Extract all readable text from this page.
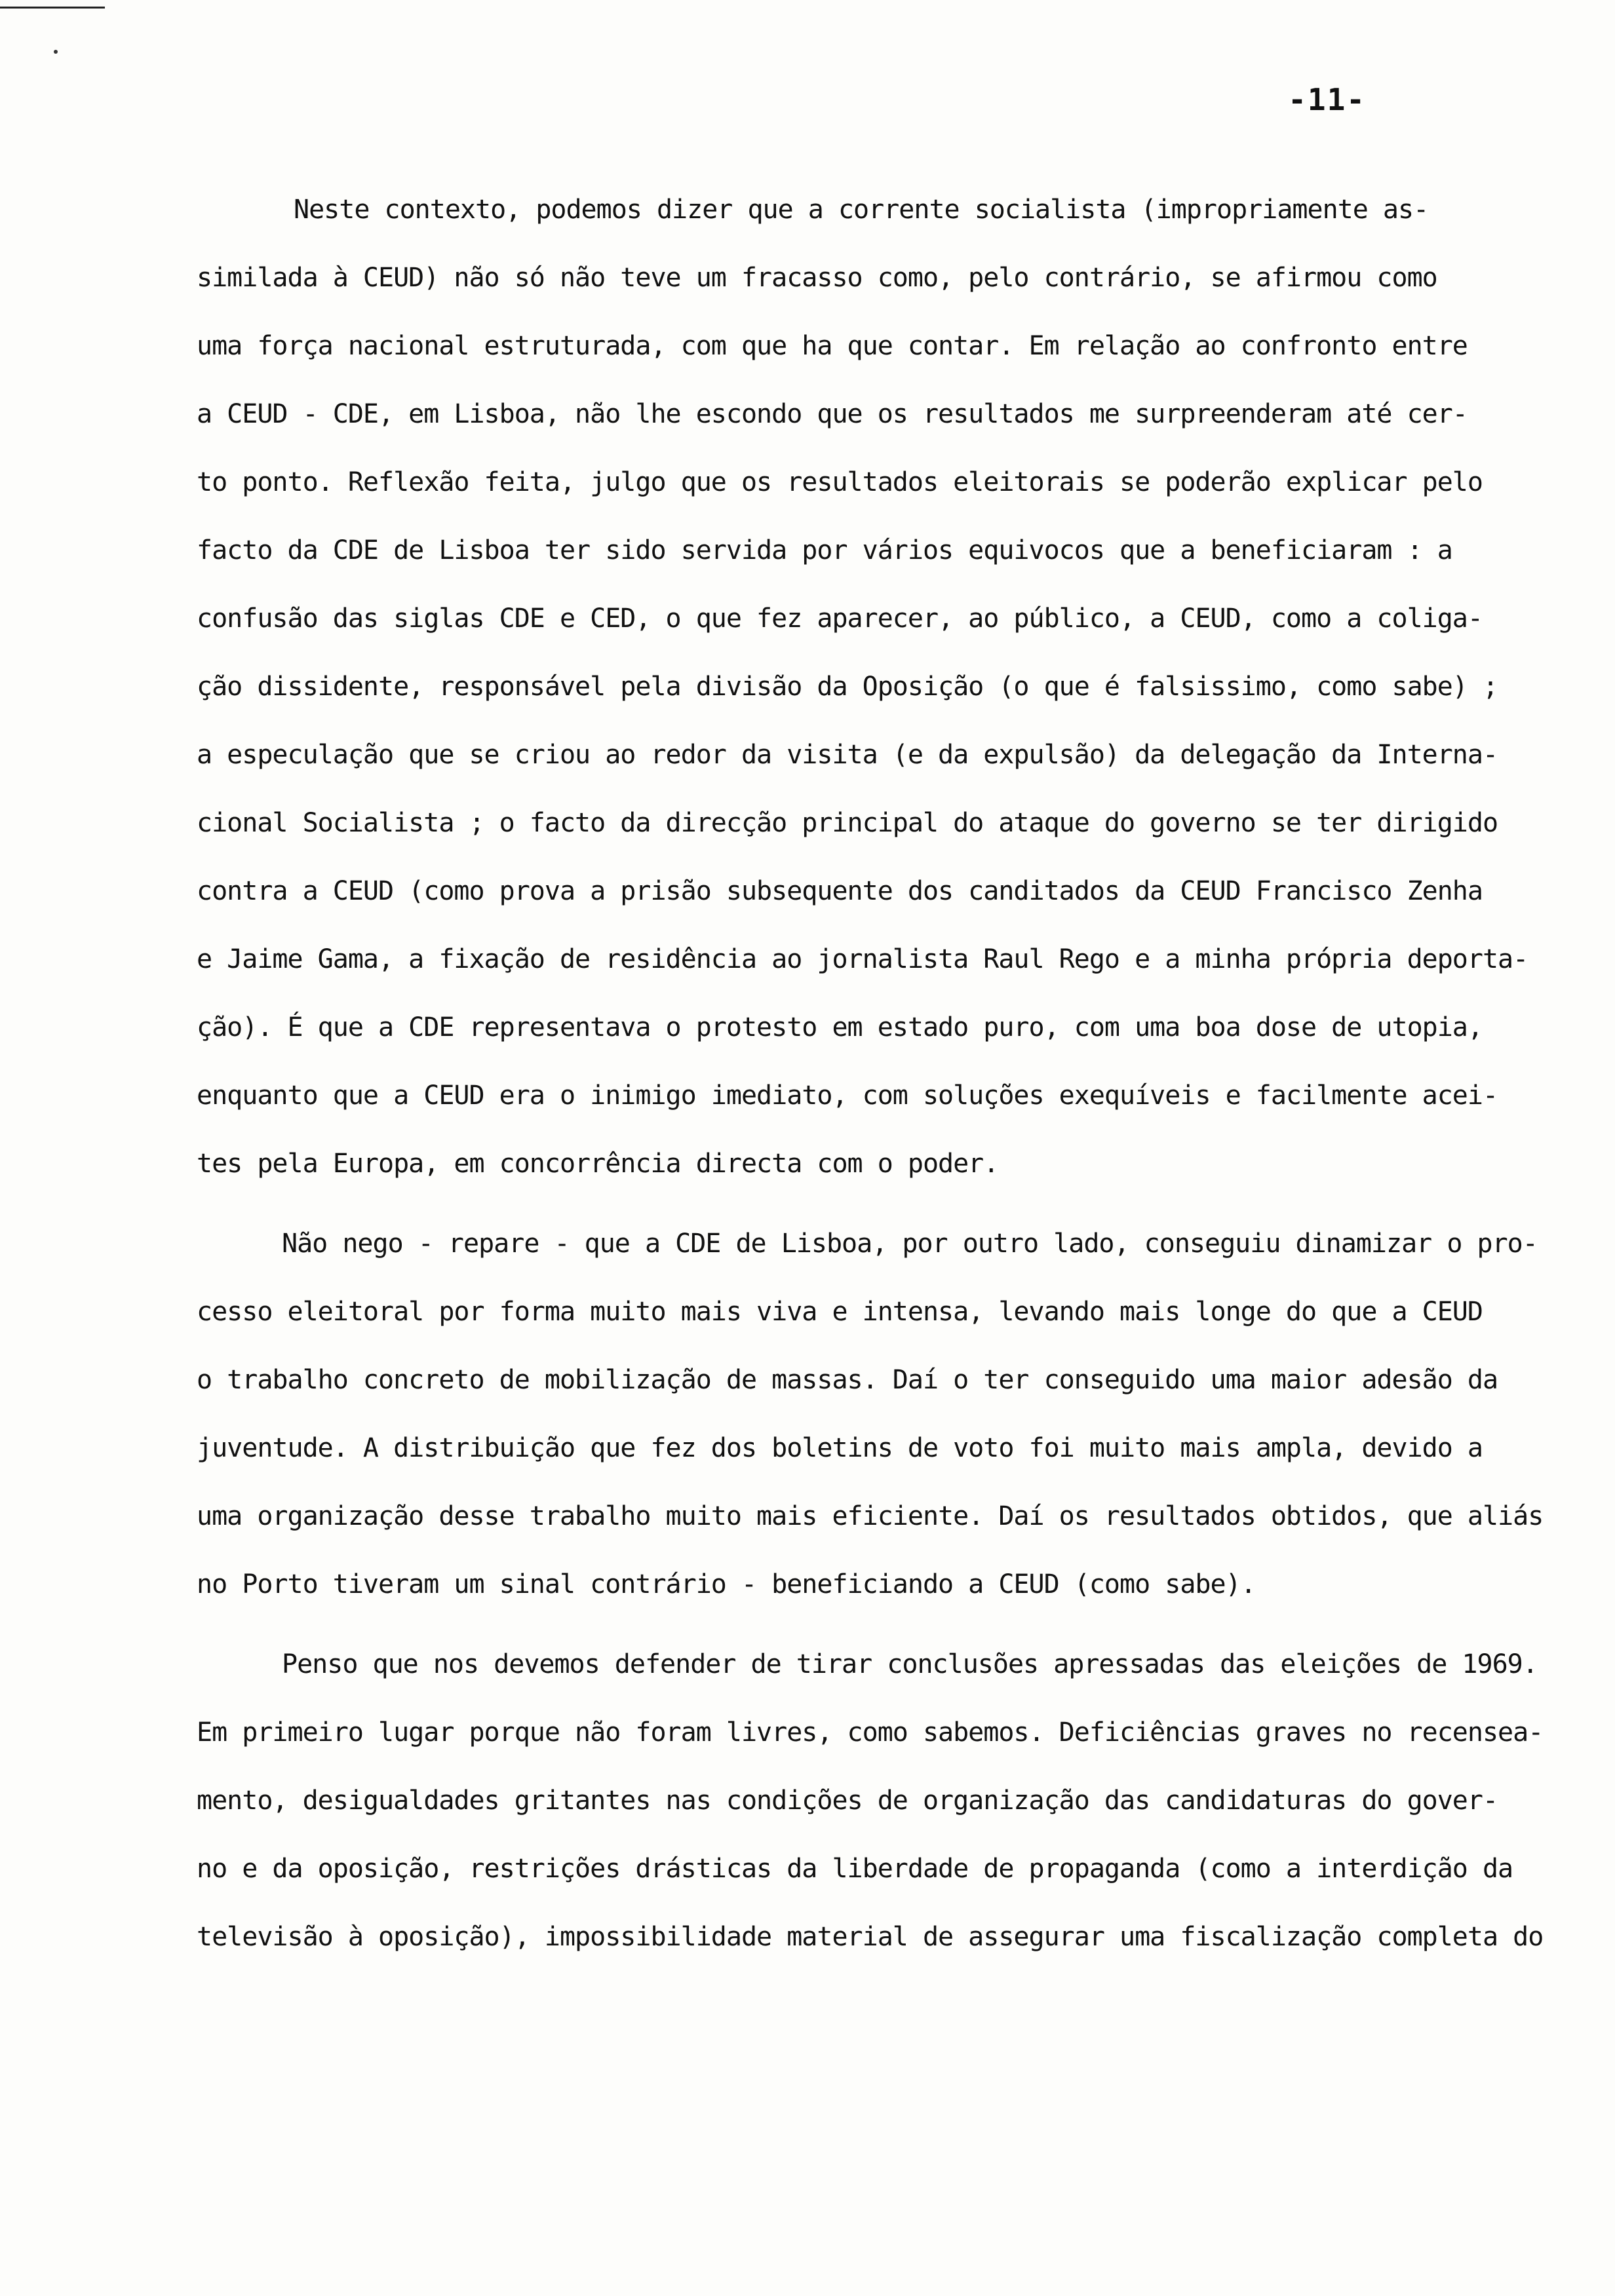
-11-
Neste contexto, podemos dizer que a corrente socialista (impropriamente as-
similada à CEUD) não só não teve um fracasso como, pelo contrário, se afirmou como
uma força nacional estruturada, com que ha que contar. Em relação ao confronto entre
a CEUD - CDE, em Lisboa, não lhe escondo que os resultados me surpreenderam até cer-
to ponto. Reflexão feita, julgo que os resultados eleitorais se poderão explicar pelo
facto da CDE de Lisboa ter sido servida por vários equivocos que a beneficiaram : a
confusão das siglas CDE e CED, o que fez aparecer, ao público, a CEUD, como a coliga-
ção dissidente, responsável pela divisão da Oposição (o que é falsissimo, como sabe) ;
a especulação que se criou ao redor da visita (e da expulsão) da delegação da Interna-
cional Socialista ; o facto da direcção principal do ataque do governo se ter dirigido
contra a CEUD (como prova a prisão subsequente dos canditados da CEUD Francisco Zenha
e Jaime Gama, a fixação de residência ao jornalista Raul Rego e a minha própria deporta-
ção). É que a CDE representava o protesto em estado puro, com uma boa dose de utopia,
enquanto que a CEUD era o inimigo imediato, com soluções exequíveis e facilmente acei-
tes pela Europa, em concorrência directa com o poder.
Não nego - repare - que a CDE de Lisboa, por outro lado, conseguiu dinamizar o pro-
cesso eleitoral por forma muito mais viva e intensa, levando mais longe do que a CEUD
o trabalho concreto de mobilização de massas. Daí o ter conseguido uma maior adesão da
juventude. A distribuição que fez dos boletins de voto foi muito mais ampla, devido a
uma organização desse trabalho muito mais eficiente. Daí os resultados obtidos, que aliás
no Porto tiveram um sinal contrário - beneficiando a CEUD (como sabe).
Penso que nos devemos defender de tirar conclusões apressadas das eleições de 1969.
Em primeiro lugar porque não foram livres, como sabemos. Deficiências graves no recensea-
mento, desigualdades gritantes nas condições de organização das candidaturas do gover-
no e da oposição, restrições drásticas da liberdade de propaganda (como a interdição da
televisão à oposição), impossibilidade material de assegurar uma fiscalização completa do
